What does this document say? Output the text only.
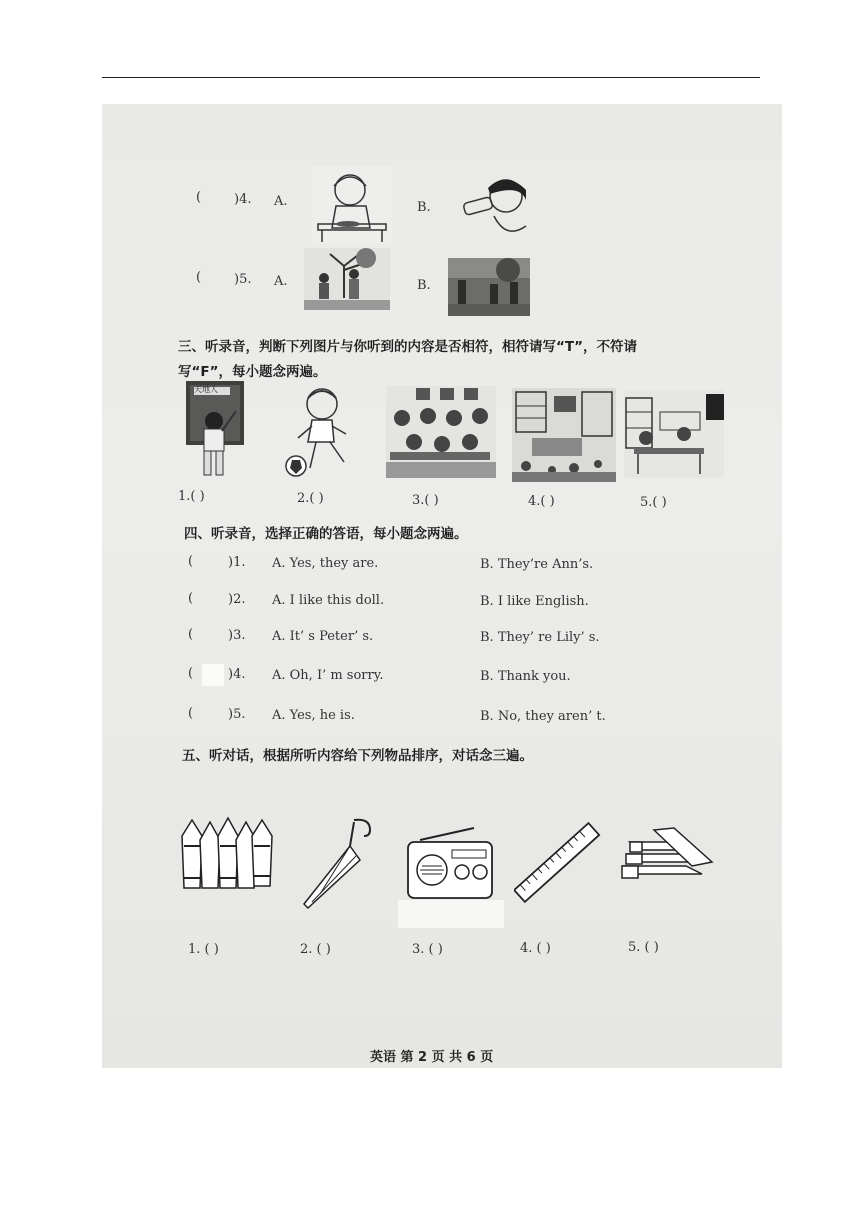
(	)4. A.	B.
(	)5. A.	B.
三、听录音，判断下列图片与你听到的内容是否相符，相符请写“T”，不符请
写“F”，每小题念两遍。
天地人
1.( )	2.( )	3.( )	4.( )	5.( )
四、听录音，选择正确的答语，每小题念两遍。
(	)1. A. Yes, they are.	B. They’re Ann’s.
(	)2. A. I like this doll.	B. I like English.
(	)3. A. It’ s Peter’ s.	B. They’ re Lily’ s.
(	)4. A. Oh, I’ m sorry.	B. Thank you.
(	)5. A. Yes, he is.	B. No, they aren’ t.
五、听对话，根据所听内容给下列物品排序，对话念三遍。
1. ( )	2. ( )	3. ( )	4. ( )	5. ( )
英语 第 2 页 共 6 页
